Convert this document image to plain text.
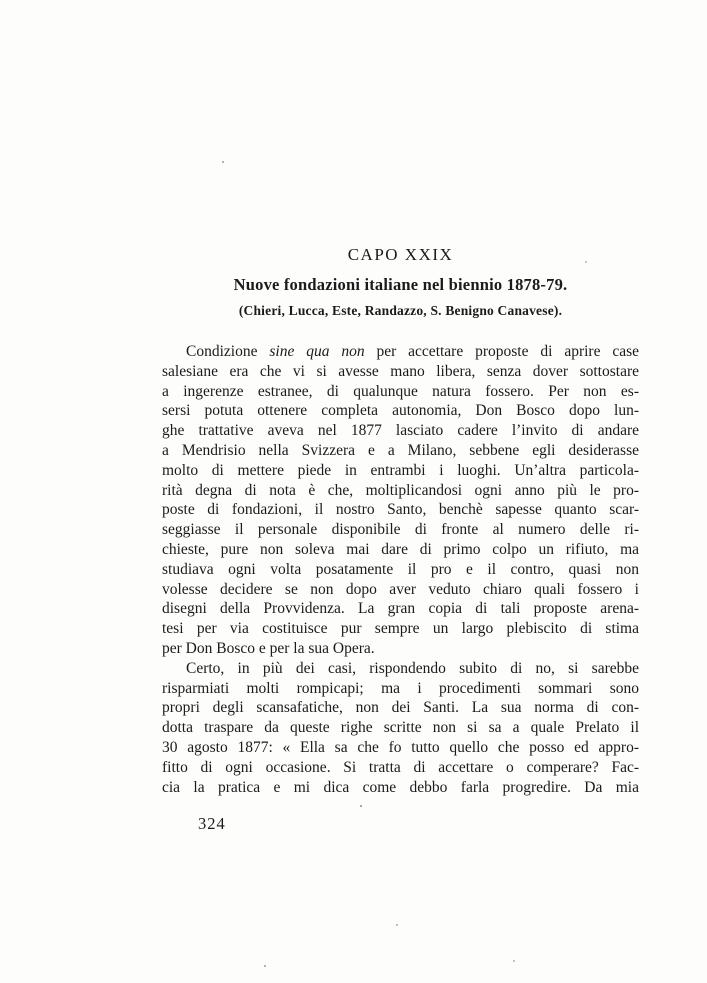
CAPO XXIX
Nuove fondazioni italiane nel biennio 1878-79.
(Chieri, Lucca, Este, Randazzo, S. Benigno Canavese).
Condizione sine qua non per accettare proposte di aprire case
salesiane era che vi si avesse mano libera, senza dover sottostare
a ingerenze estranee, di qualunque natura fossero. Per non es-
sersi potuta ottenere completa autonomia, Don Bosco dopo lun-
ghe trattative aveva nel 1877 lasciato cadere l’invito di andare
a Mendrisio nella Svizzera e a Milano, sebbene egli desiderasse
molto di mettere piede in entrambi i luoghi. Un’altra particola-
rità degna di nota è che, moltiplicandosi ogni anno più le pro-
poste di fondazioni, il nostro Santo, benchè sapesse quanto scar-
seggiasse il personale disponibile di fronte al numero delle ri-
chieste, pure non soleva mai dare di primo colpo un rifiuto, ma
studiava ogni volta posatamente il pro e il contro, quasi non
volesse decidere se non dopo aver veduto chiaro quali fossero i
disegni della Provvidenza. La gran copia di tali proposte arena-
tesi per via costituisce pur sempre un largo plebiscito di stima
per Don Bosco e per la sua Opera.
Certo, in più dei casi, rispondendo subito di no, si sarebbe
risparmiati molti rompicapi; ma i procedimenti sommari sono
propri degli scansafatiche, non dei Santi. La sua norma di con-
dotta traspare da queste righe scritte non si sa a quale Prelato il
30 agosto 1877: « Ella sa che fo tutto quello che posso ed appro-
fitto di ogni occasione. Si tratta di accettare o comperare? Fac-
cia la pratica e mi dica come debbo farla progredire. Da mia
324
